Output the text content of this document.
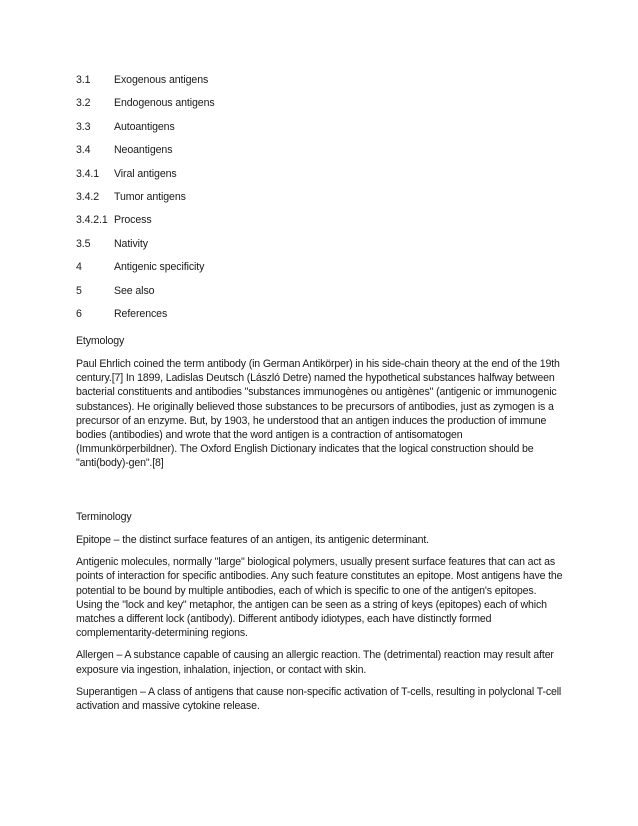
3.1	Exogenous antigens
3.2	Endogenous antigens
3.3	Autoantigens
3.4	Neoantigens
3.4.1	Viral antigens
3.4.2	Tumor antigens
3.4.2.1 Process
3.5	Nativity
4	Antigenic specificity
5	See also
6	References
Etymology

Paul Ehrlich coined the term antibody (in German Antikörper) in his side-chain theory at the end of the 19th century.[7] In 1899, Ladislas Deutsch (László Detre) named the hypothetical substances halfway between bacterial constituents and antibodies "substances immunogènes ou antigènes" (antigenic or immunogenic substances). He originally believed those substances to be precursors of antibodies, just as zymogen is a precursor of an enzyme. But, by 1903, he understood that an antigen induces the production of immune bodies (antibodies) and wrote that the word antigen is a contraction of antisomatogen (Immunkörperbildner). The Oxford English Dictionary indicates that the logical construction should be "anti(body)-gen".[8]

Terminology

Epitope – the distinct surface features of an antigen, its antigenic determinant.

Antigenic molecules, normally "large" biological polymers, usually present surface features that can act as points of interaction for specific antibodies. Any such feature constitutes an epitope. Most antigens have the potential to be bound by multiple antibodies, each of which is specific to one of the antigen's epitopes. Using the "lock and key" metaphor, the antigen can be seen as a string of keys (epitopes) each of which matches a different lock (antibody). Different antibody idiotypes, each have distinctly formed complementarity-determining regions.

Allergen – A substance capable of causing an allergic reaction. The (detrimental) reaction may result after exposure via ingestion, inhalation, injection, or contact with skin.

Superantigen – A class of antigens that cause non-specific activation of T-cells, resulting in polyclonal T-cell activation and massive cytokine release.
